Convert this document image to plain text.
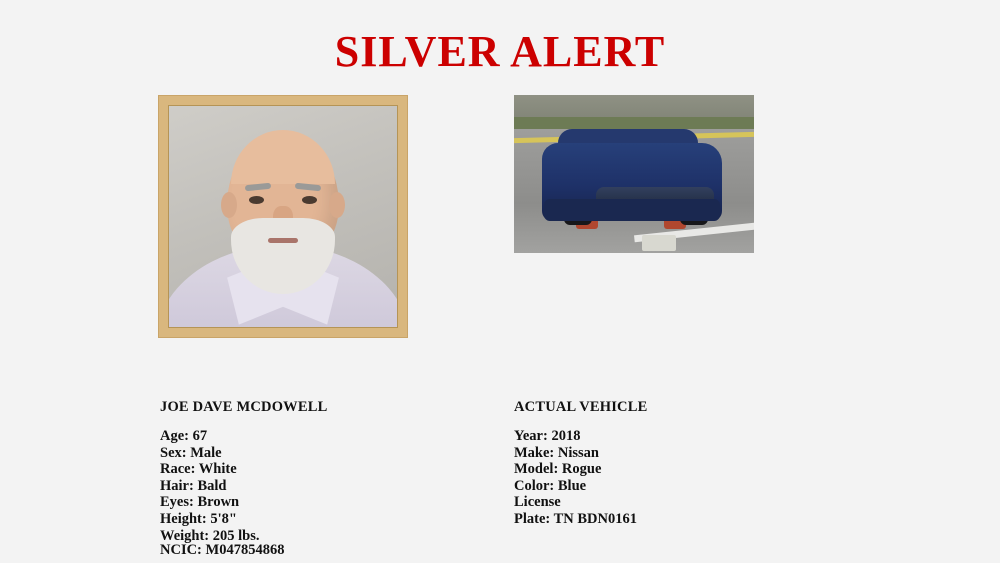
SILVER ALERT
JOE DAVE MCDOWELL
Age: 67
Sex: Male
Race: White
Hair: Bald
Eyes: Brown
Height: 5'8"
Weight: 205 lbs.
NCIC: M047854868
ACTUAL VEHICLE
Year: 2018
Make: Nissan
Model: Rogue
Color: Blue
License
Plate: TN BDN0161
